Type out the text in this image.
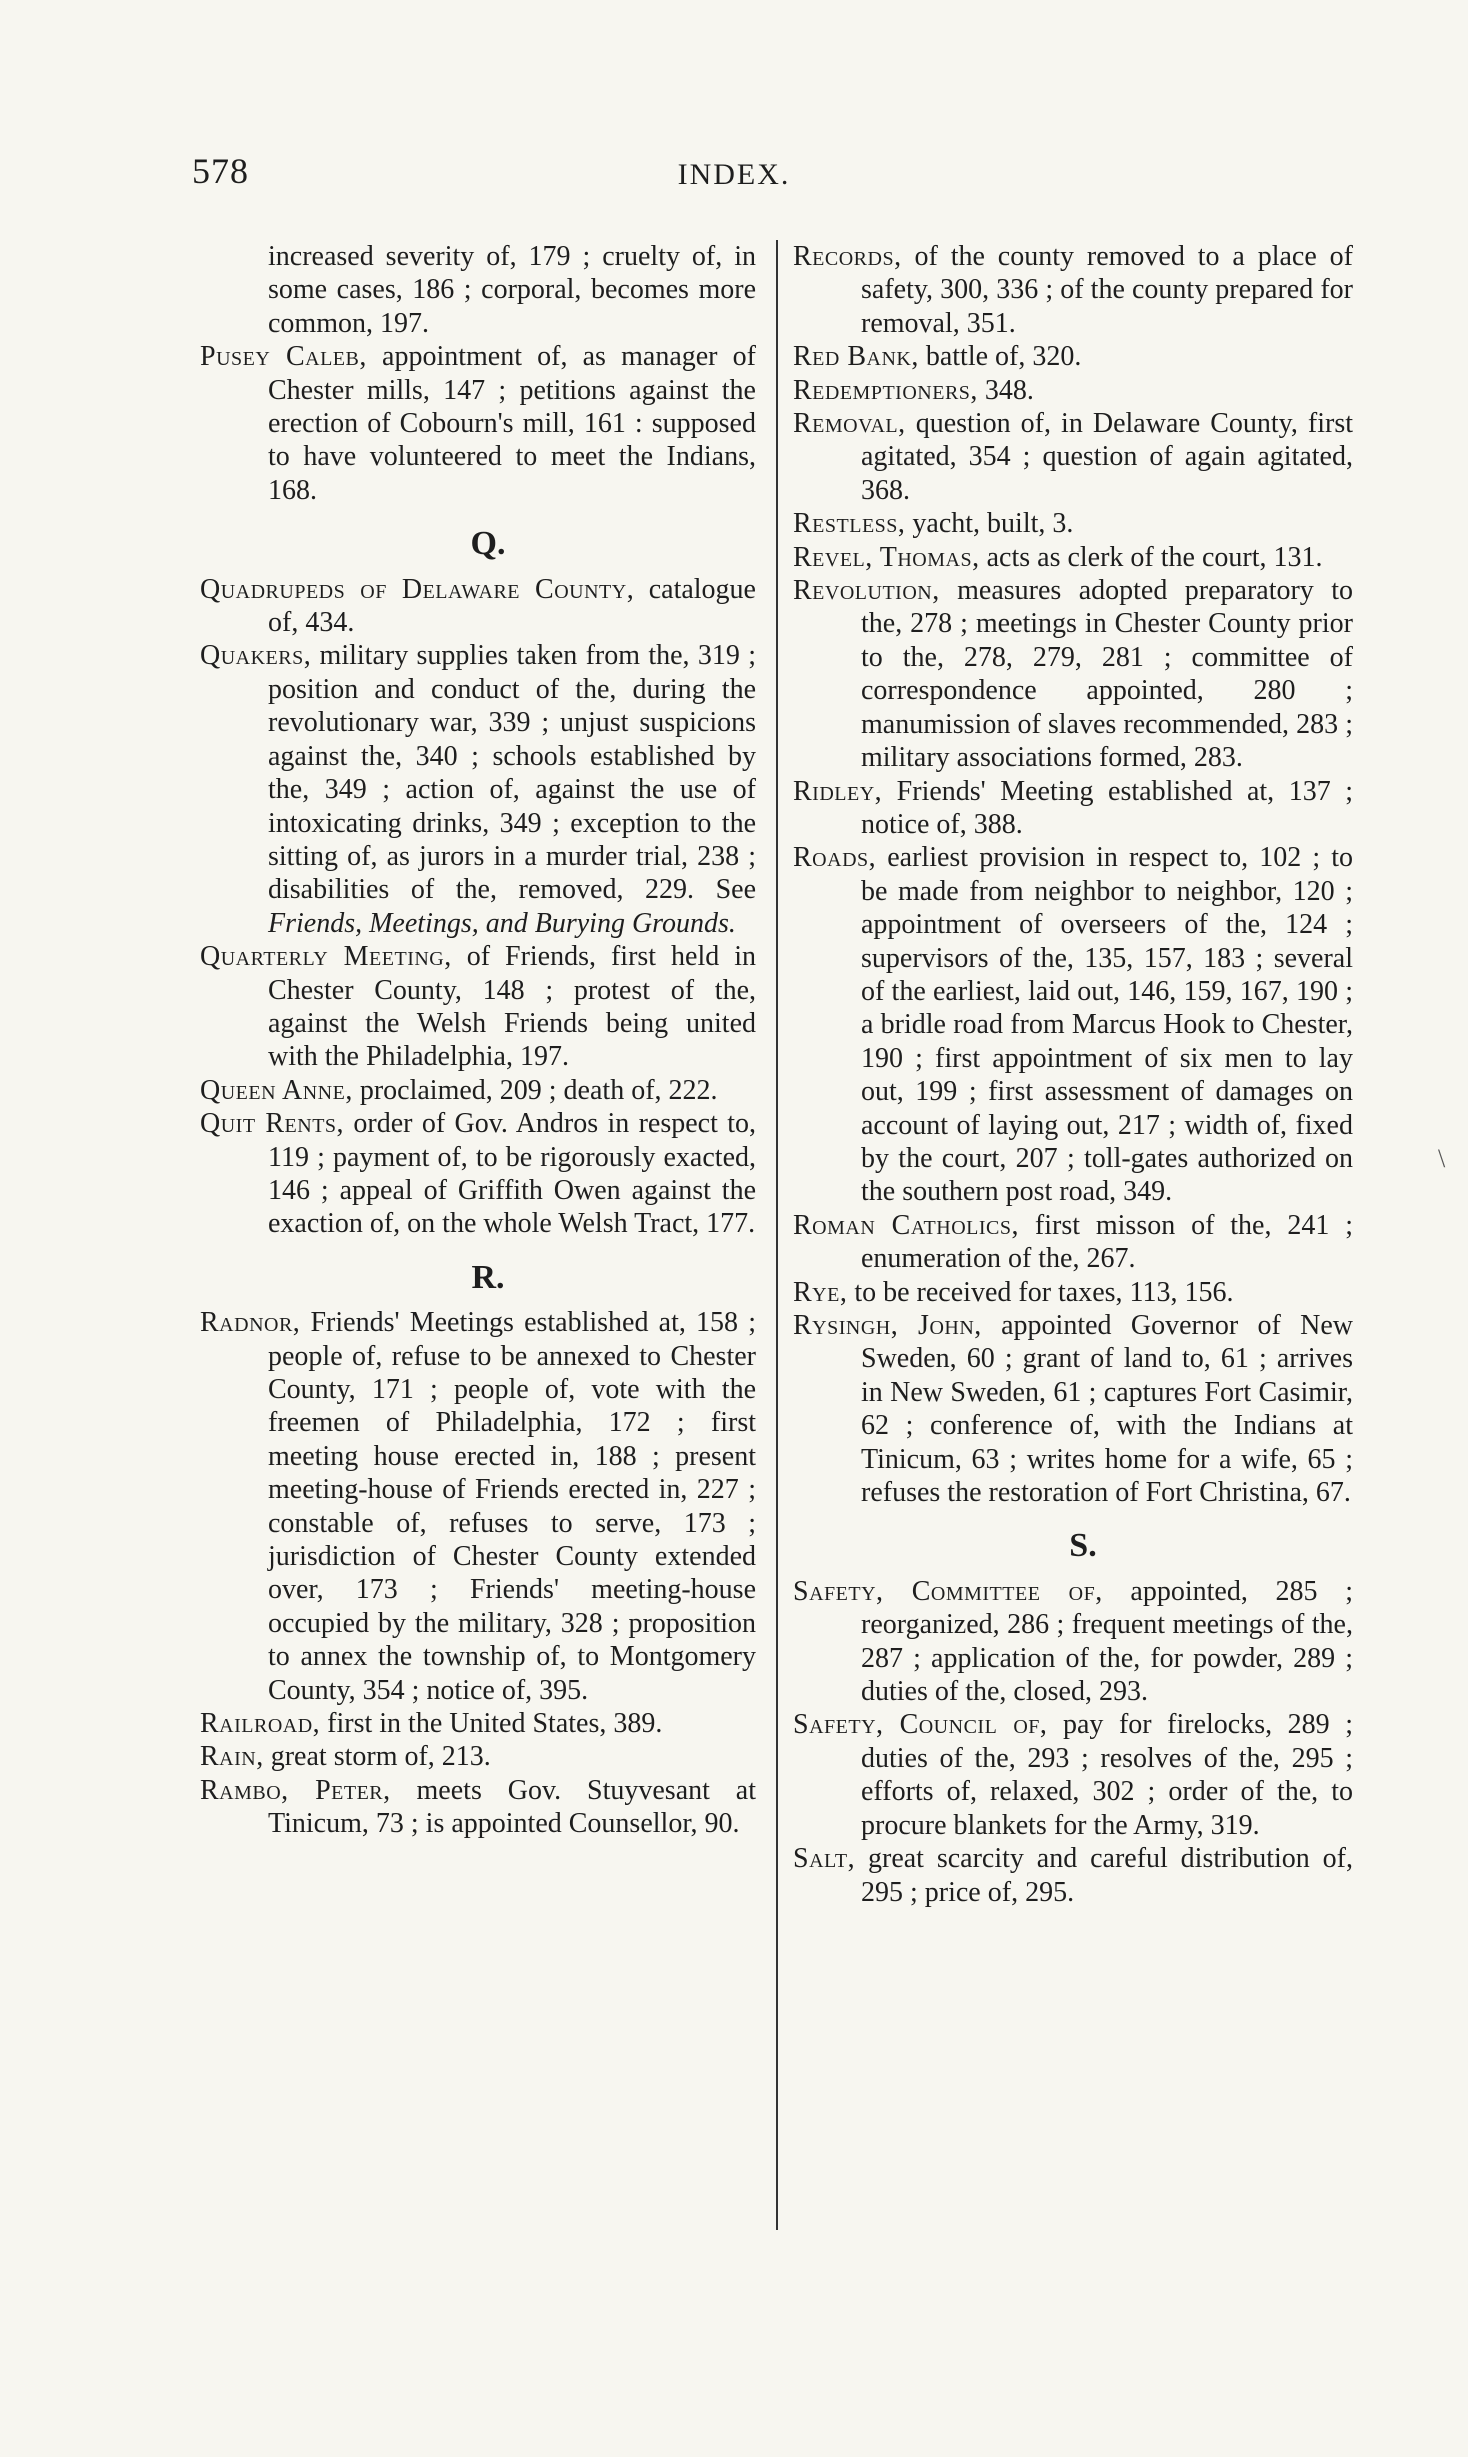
578	INDEX.

increased severity of, 179 ; cruelty of, in some cases, 186 ; corporal, becomes more common, 197.

Pusey Caleb, appointment of, as manager of Chester mills, 147 ; petitions against the erection of Cobourn's mill, 161 : supposed to have volunteered to meet the Indians, 168.

Q.

Quadrupeds of Delaware County, catalogue of, 434.

Quakers, military supplies taken from the, 319 ; position and conduct of the, during the revolutionary war, 339 ; unjust suspicions against the, 340 ; schools established by the, 349 ; action of, against the use of intoxicating drinks, 349 ; exception to the sitting of, as jurors in a murder trial, 238 ; disabilities of the, removed, 229. See Friends, Meetings, and Burying Grounds.

Quarterly Meeting, of Friends, first held in Chester County, 148 ; protest of the, against the Welsh Friends being united with the Philadelphia, 197.

Queen Anne, proclaimed, 209 ; death of, 222.

Quit Rents, order of Gov. Andros in respect to, 119 ; payment of, to be rigorously exacted, 146 ; appeal of Griffith Owen against the exaction of, on the whole Welsh Tract, 177.

R.

Radnor, Friends' Meetings established at, 158 ; people of, refuse to be annexed to Chester County, 171 ; people of, vote with the freemen of Philadelphia, 172 ; first meeting house erected in, 188 ; present meeting-house of Friends erected in, 227 ; constable of, refuses to serve, 173 ; jurisdiction of Chester County extended over, 173 ; Friends' meeting-house occupied by the military, 328 ; proposition to annex the township of, to Montgomery County, 354 ; notice of, 395.

Railroad, first in the United States, 389.

Rain, great storm of, 213.

Rambo, Peter, meets Gov. Stuyvesant at Tinicum, 73 ; is appointed Counsellor, 90.

Records, of the county removed to a place of safety, 300, 336 ; of the county prepared for removal, 351.

Red Bank, battle of, 320.

Redemptioners, 348.

Removal, question of, in Delaware County, first agitated, 354 ; question of again agitated, 368.

Restless, yacht, built, 3.

Revel, Thomas, acts as clerk of the court, 131.

Revolution, measures adopted preparatory to the, 278 ; meetings in Chester County prior to the, 278, 279, 281 ; committee of correspondence appointed, 280 ; manumission of slaves recommended, 283 ; military associations formed, 283.

Ridley, Friends' Meeting established at, 137 ; notice of, 388.

Roads, earliest provision in respect to, 102 ; to be made from neighbor to neighbor, 120 ; appointment of overseers of the, 124 ; supervisors of the, 135, 157, 183 ; several of the earliest, laid out, 146, 159, 167, 190 ; a bridle road from Marcus Hook to Chester, 190 ; first appointment of six men to lay out, 199 ; first assessment of damages on account of laying out, 217 ; width of, fixed by the court, 207 ; toll-gates authorized on the southern post road, 349.

Roman Catholics, first misson of the, 241 ; enumeration of the, 267.

Rye, to be received for taxes, 113, 156.

Rysingh, John, appointed Governor of New Sweden, 60 ; grant of land to, 61 ; arrives in New Sweden, 61 ; captures Fort Casimir, 62 ; conference of, with the Indians at Tinicum, 63 ; writes home for a wife, 65 ; refuses the restoration of Fort Christina, 67.

S.

Safety, Committee of, appointed, 285 ; reorganized, 286 ; frequent meetings of the, 287 ; application of the, for powder, 289 ; duties of the, closed, 293.

Safety, Council of, pay for firelocks, 289 ; duties of the, 293 ; resolves of the, 295 ; efforts of, relaxed, 302 ; order of the, to procure blankets for the Army, 319.

Salt, great scarcity and careful distribution of, 295 ; price of, 295.

\
